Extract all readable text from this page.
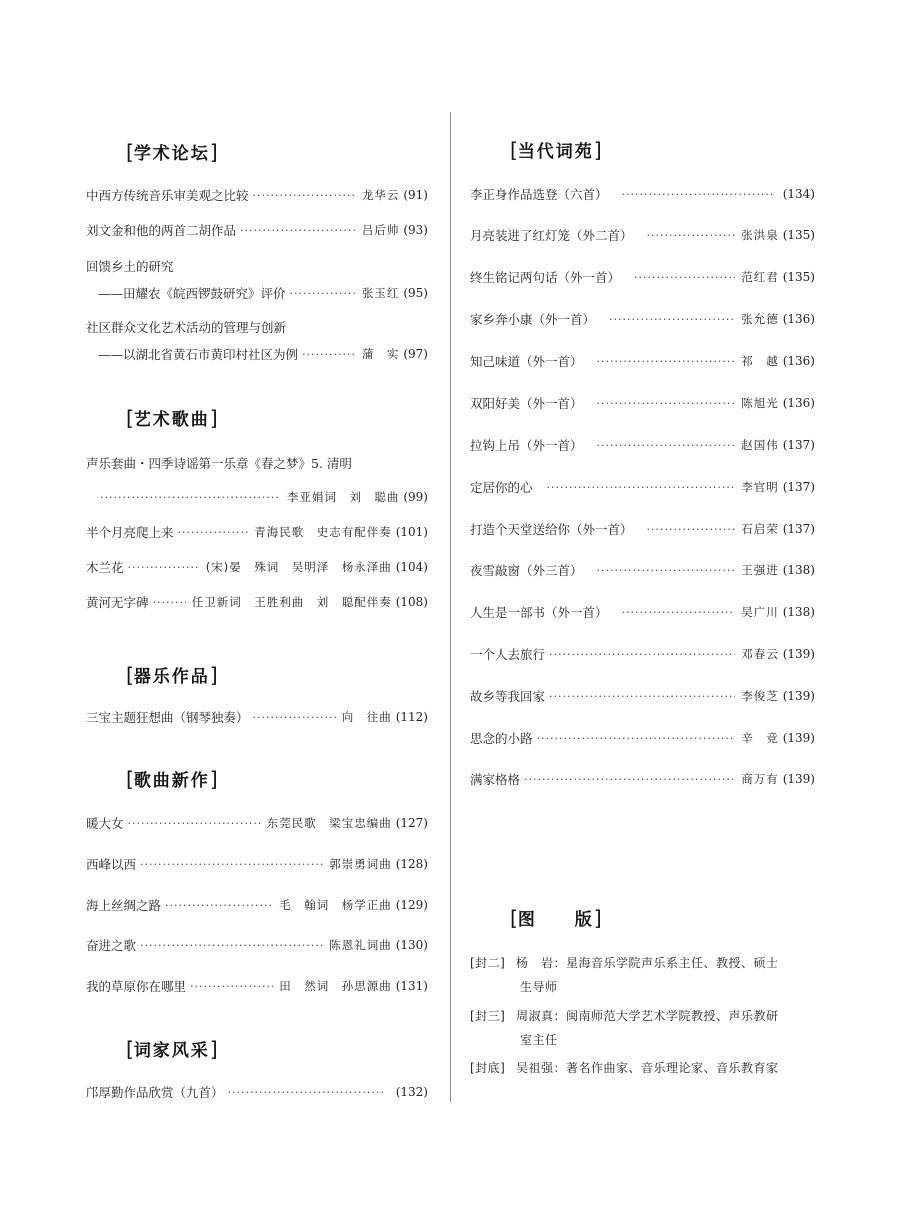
[学术论坛]
中西方传统音乐审美观之比较 ·····	龙华云 (91)
刘文金和他的两首二胡作品 ·····	吕后帅 (93)
回馈乡土的研究
——田耀农《皖西锣鼓研究》评价 ·····	张玉红 (95)
社区群众文化艺术活动的管理与创新
——以湖北省黄石市黄印村社区为例 ·····	蒲　实 (97)
[艺术歌曲]
声乐套曲・四季诗谣第一乐章《春之梦》5. 清明
·····
李亚娟词　刘　聪曲 (99)
半个月亮爬上来 ·····	青海民歌　史志有配伴奏 (101)
木兰花 ·····	(宋)晏　殊词　吴明泽　杨永泽曲 (104)
黄河无字碑 ·····	任卫新词　王胜利曲　刘　聪配伴奏 (108)
[器乐作品]
三宝主题狂想曲（钢琴独奏） ·····	向　往曲 (112)
[歌曲新作]
暖大女 ·····	东莞民歌　梁宝忠编曲 (127)
西峰以西 ·····	郭崇勇词曲 (128)
海上丝绸之路 ·····	毛　翰词　杨学正曲 (129)
奋进之歌 ·····	陈恩礼词曲 (130)
我的草原你在哪里 ·····	田　然词　孙思源曲 (131)
[词家风采]
邝厚勤作品欣赏（九首） ·····	(132)
[当代词苑]
李正身作品选登（六首） ·····	(134)
月亮装进了红灯笼（外二首） ·····	张洪泉 (135)
终生铭记两句话（外一首） ·····	范红君 (135)
家乡奔小康（外一首） ·····	张允德 (136)
知己味道（外一首） ·····	祁　越 (136)
双阳好美（外一首） ·····	陈旭光 (136)
拉钩上吊（外一首） ·····	赵国伟 (137)
定居你的心 ·····	李官明 (137)
打造个天堂送给你（外一首） ·····	石启荣 (137)
夜雪敲窗（外三首） ·····	王强进 (138)
人生是一部书（外一首） ·····	吴广川 (138)
一个人去旅行 ·····	邓春云 (139)
故乡等我回家 ·····	李俊芝 (139)
思念的小路 ·····	辛　竞 (139)
满家格格 ·····	商万有 (139)
[图　　版]
[封二] 杨　岩：星海音乐学院声乐系主任、教授、硕士
生导师
[封三] 周淑真：闽南师范大学艺术学院教授、声乐教研
室主任
[封底] 吴祖强：著名作曲家、音乐理论家、音乐教育家
